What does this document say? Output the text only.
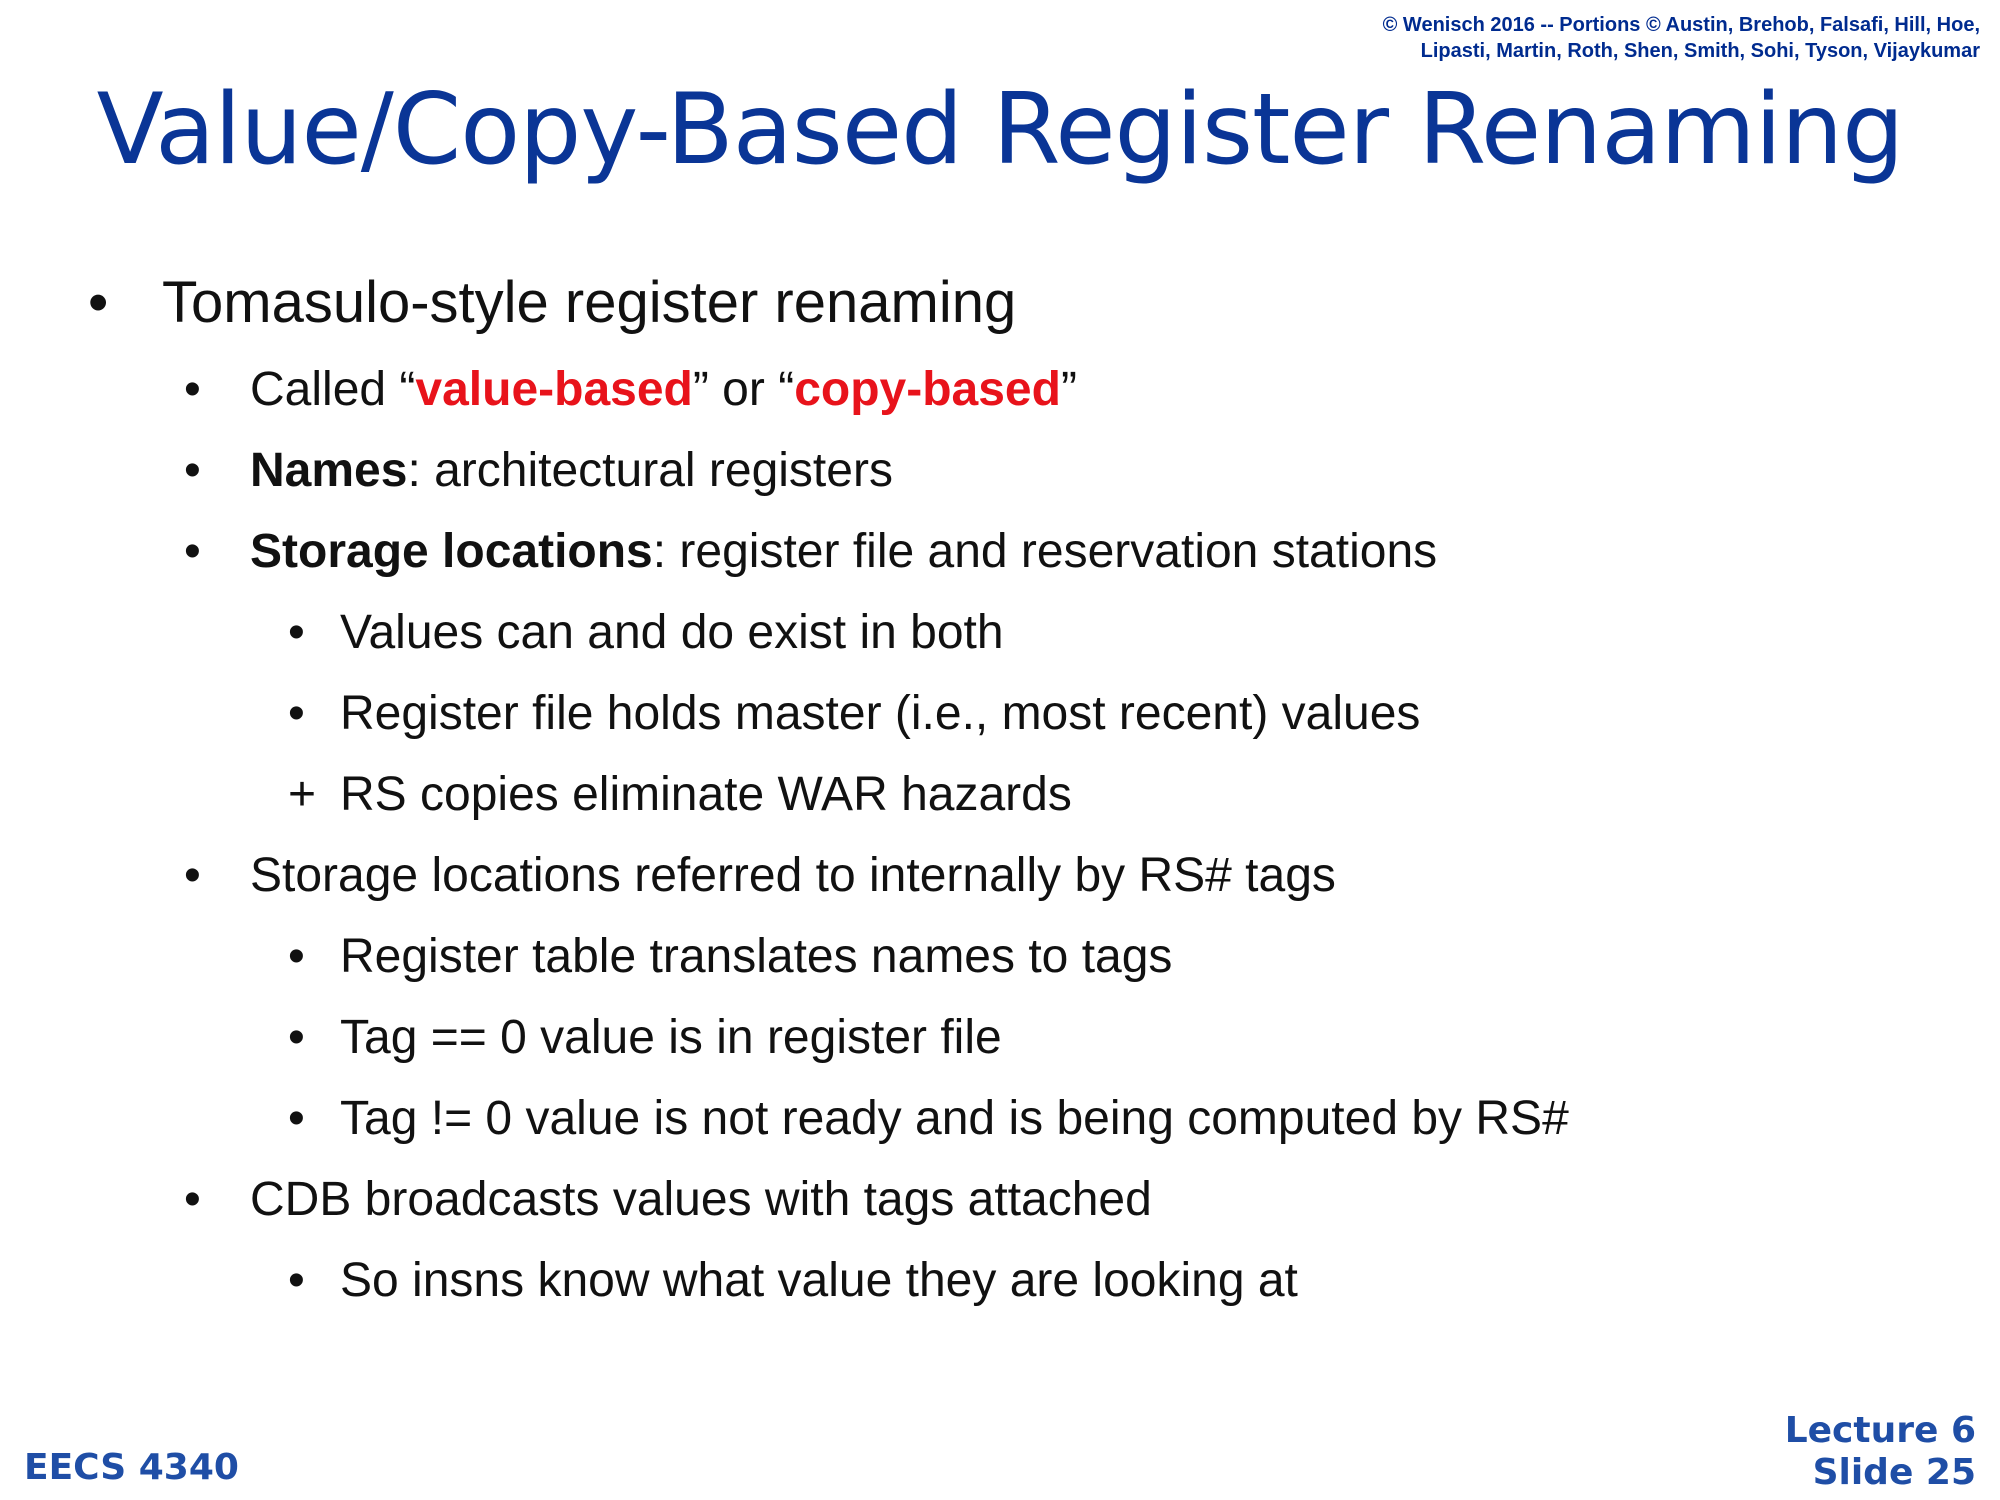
© Wenisch 2016 -- Portions © Austin, Brehob, Falsafi, Hill, Hoe,
Lipasti, Martin, Roth, Shen, Smith, Sohi, Tyson, Vijaykumar
Value/Copy-Based Register Renaming
• Tomasulo-style register renaming
• Called “value-based” or “copy-based”
• Names: architectural registers
• Storage locations: register file and reservation stations
• Values can and do exist in both
• Register file holds master (i.e., most recent) values
+ RS copies eliminate WAR hazards
• Storage locations referred to internally by RS# tags
• Register table translates names to tags
• Tag == 0 value is in register file
• Tag != 0 value is not ready and is being computed by RS#
• CDB broadcasts values with tags attached
• So insns know what value they are looking at
EECS 4340
Lecture 6
Slide 25
